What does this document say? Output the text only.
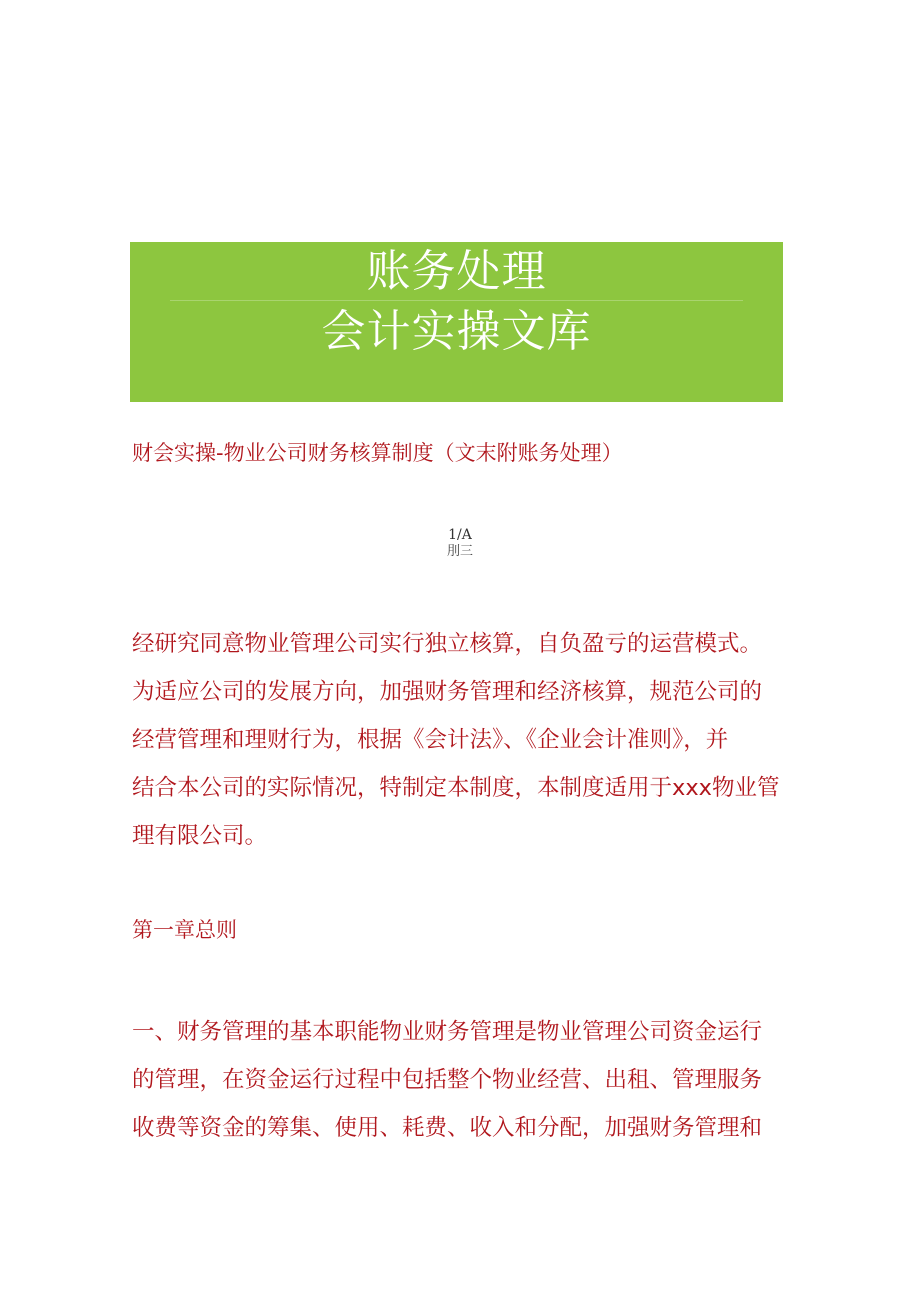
账务处理
会计实操文库
财会实操-物业公司财务核算制度（文末附账务处理）
1/A
刖三
经研究同意物业管理公司实行独立核算，自负盈亏的运营模式。
为适应公司的发展方向，加强财务管理和经济核算，规范公司的
经营管理和理财行为，根据《会计法》、《企业会计准则》，并
结合本公司的实际情况，特制定本制度，本制度适用于xxx物业管
理有限公司。
第一章总则
一、财务管理的基本职能物业财务管理是物业管理公司资金运行
的管理，在资金运行过程中包括整个物业经营、出租、管理服务
收费等资金的筹集、使用、耗费、收入和分配，加强财务管理和
